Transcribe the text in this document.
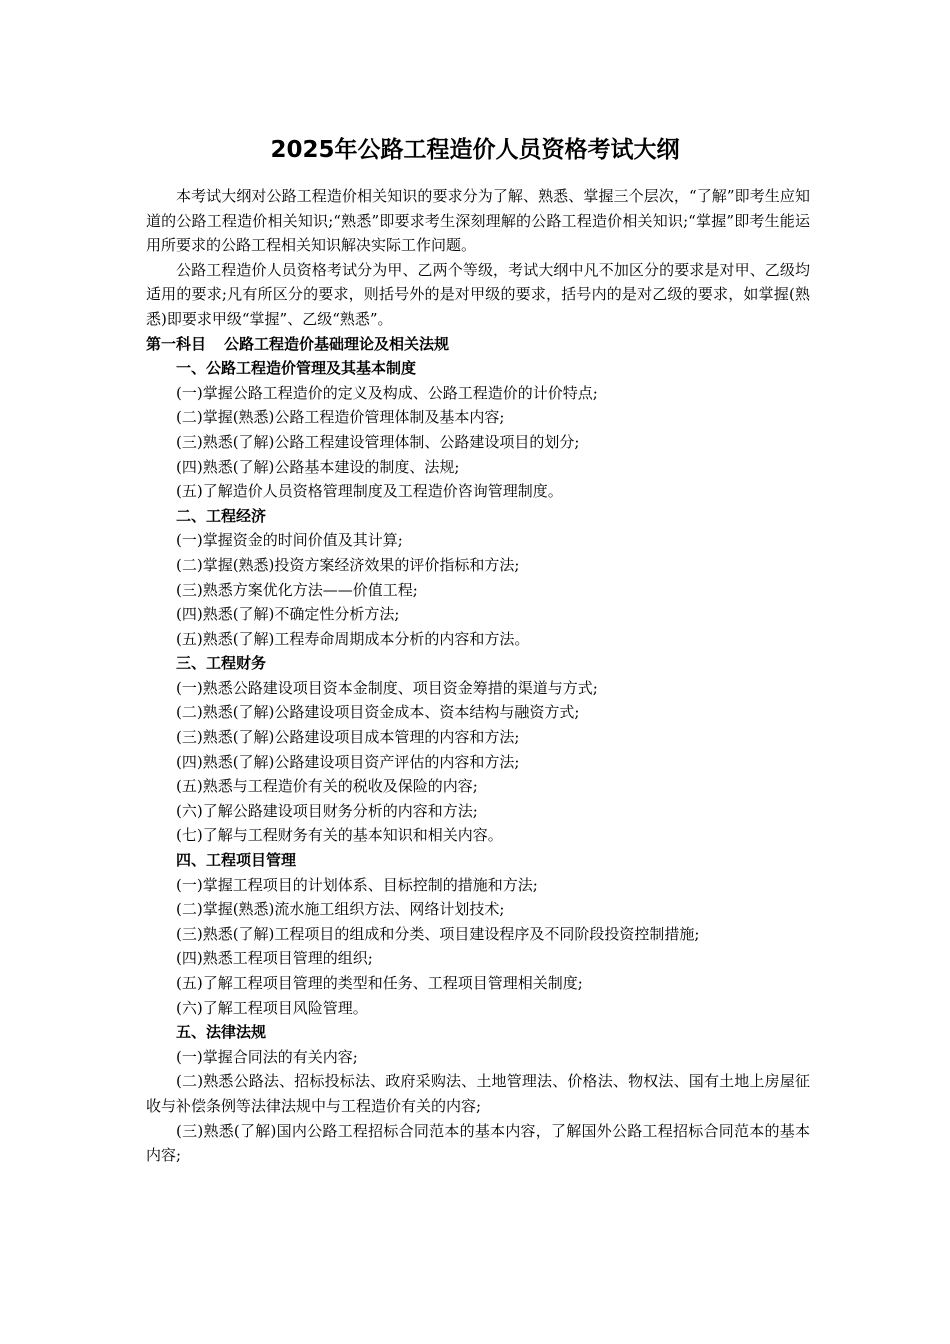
2025年公路工程造价人员资格考试大纲

本考试大纲对公路工程造价相关知识的要求分为了解、熟悉、掌握三个层次，“了解”即考生应知道的公路工程造价相关知识;“熟悉”即要求考生深刻理解的公路工程造价相关知识;“掌握”即考生能运用所要求的公路工程相关知识解决实际工作问题。

公路工程造价人员资格考试分为甲、乙两个等级，考试大纲中凡不加区分的要求是对甲、乙级均适用的要求;凡有所区分的要求，则括号外的是对甲级的要求，括号内的是对乙级的要求，如掌握(熟悉)即要求甲级“掌握”、乙级“熟悉”。

第一科目 公路工程造价基础理论及相关法规
一、公路工程造价管理及其基本制度
(一)掌握公路工程造价的定义及构成、公路工程造价的计价特点;
(二)掌握(熟悉)公路工程造价管理体制及基本内容;
(三)熟悉(了解)公路工程建设管理体制、公路建设项目的划分;
(四)熟悉(了解)公路基本建设的制度、法规;
(五)了解造价人员资格管理制度及工程造价咨询管理制度。
二、工程经济
(一)掌握资金的时间价值及其计算;
(二)掌握(熟悉)投资方案经济效果的评价指标和方法;
(三)熟悉方案优化方法——价值工程;
(四)熟悉(了解)不确定性分析方法;
(五)熟悉(了解)工程寿命周期成本分析的内容和方法。
三、工程财务
(一)熟悉公路建设项目资本金制度、项目资金筹措的渠道与方式;
(二)熟悉(了解)公路建设项目资金成本、资本结构与融资方式;
(三)熟悉(了解)公路建设项目成本管理的内容和方法;
(四)熟悉(了解)公路建设项目资产评估的内容和方法;
(五)熟悉与工程造价有关的税收及保险的内容;
(六)了解公路建设项目财务分析的内容和方法;
(七)了解与工程财务有关的基本知识和相关内容。
四、工程项目管理
(一)掌握工程项目的计划体系、目标控制的措施和方法;
(二)掌握(熟悉)流水施工组织方法、网络计划技术;
(三)熟悉(了解)工程项目的组成和分类、项目建设程序及不同阶段投资控制措施;
(四)熟悉工程项目管理的组织;
(五)了解工程项目管理的类型和任务、工程项目管理相关制度;
(六)了解工程项目风险管理。
五、法律法规
(一)掌握合同法的有关内容;

(二)熟悉公路法、招标投标法、政府采购法、土地管理法、价格法、物权法、国有土地上房屋征收与补偿条例等法律法规中与工程造价有关的内容;

(三)熟悉(了解)国内公路工程招标合同范本的基本内容，了解国外公路工程招标合同范本的基本内容;
